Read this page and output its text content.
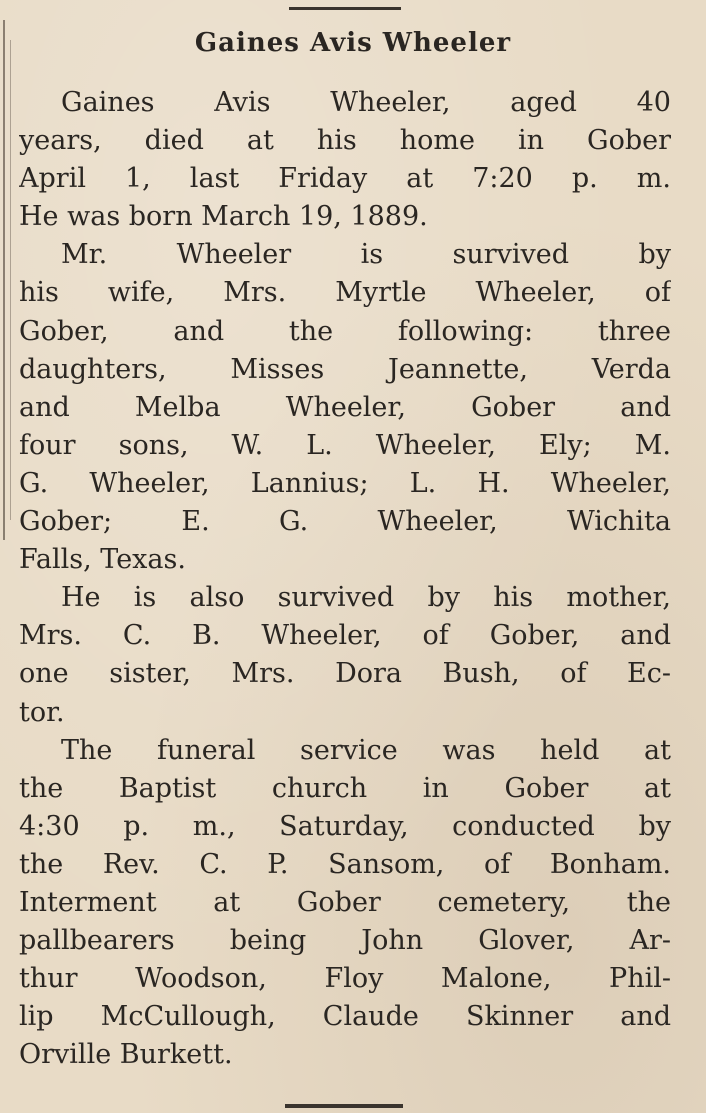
Gaines Avis Wheeler
Gaines Avis Wheeler, aged 40
years, died at his home in Gober
April 1, last Friday at 7:20 p. m.
He was born March 19, 1889.
Mr. Wheeler is survived by
his wife, Mrs. Myrtle Wheeler, of
Gober, and the following: three
daughters, Misses Jeannette, Verda
and Melba Wheeler, Gober and
four sons, W. L. Wheeler, Ely; M.
G. Wheeler, Lannius; L. H. Wheeler,
Gober; E. G. Wheeler, Wichita
Falls, Texas.
He is also survived by his mother,
Mrs. C. B. Wheeler, of Gober, and
one sister, Mrs. Dora Bush, of Ec-
tor.
The funeral service was held at
the Baptist church in Gober at
4:30 p. m., Saturday, conducted by
the Rev. C. P. Sansom, of Bonham.
Interment at Gober cemetery, the
pallbearers being John Glover, Ar-
thur Woodson, Floy Malone, Phil-
lip McCullough, Claude Skinner and
Orville Burkett.
